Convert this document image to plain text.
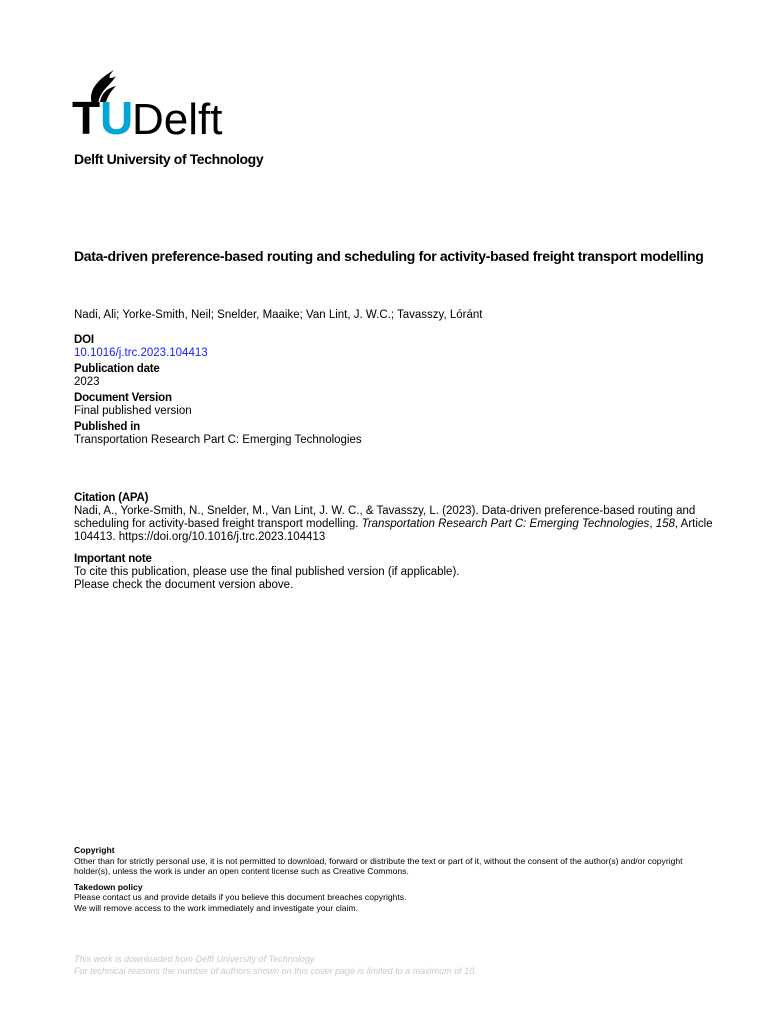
T U
Delft
Delft University of Technology
Data-driven preference-based routing and scheduling for activity-based freight transport modelling
Nadi, Ali; Yorke-Smith, Neil; Snelder, Maaike; Van Lint, J. W.C.; Tavasszy, Lóránt
DOI
10.1016/j.trc.2023.104413
Publication date
2023
Document Version
Final published version
Published in
Transportation Research Part C: Emerging Technologies
Citation (APA)
Nadi, A., Yorke-Smith, N., Snelder, M., Van Lint, J. W. C., & Tavasszy, L. (2023). Data-driven preference-based routing and scheduling for activity-based freight transport modelling. Transportation Research Part C: Emerging Technologies, 158, Article 104413. https://doi.org/10.1016/j.trc.2023.104413
Important note
To cite this publication, please use the final published version (if applicable).
Please check the document version above.
Copyright
Other than for strictly personal use, it is not permitted to download, forward or distribute the text or part of it, without the consent of the author(s) and/or copyright holder(s), unless the work is under an open content license such as Creative Commons.
Takedown policy
Please contact us and provide details if you believe this document breaches copyrights.
We will remove access to the work immediately and investigate your claim.
This work is downloaded from Delft University of Technology.
For technical reasons the number of authors shown on this cover page is limited to a maximum of 10.
